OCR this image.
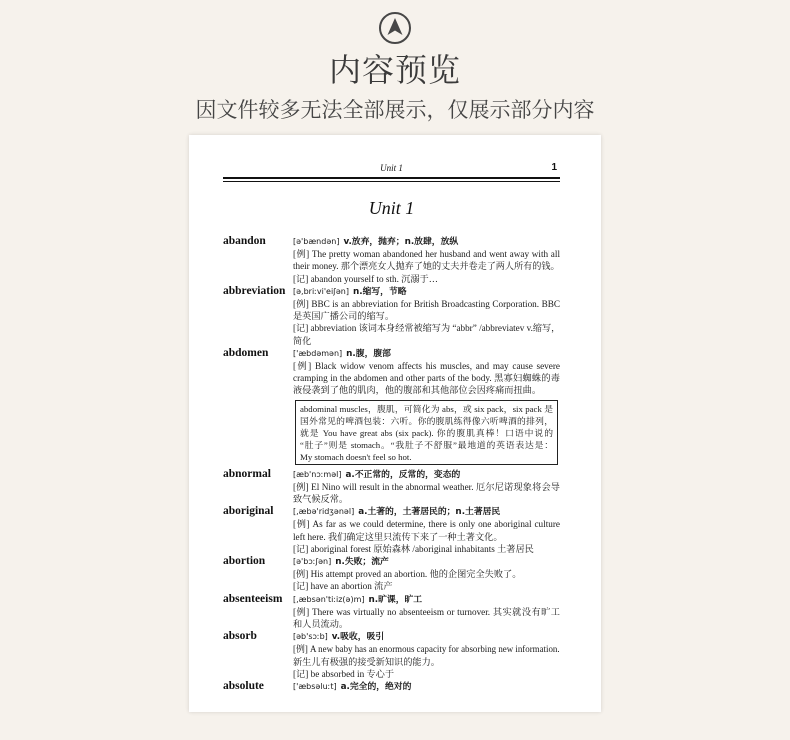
内容预览
因文件较多无法全部展示，仅展示部分内容
Unit 1	1
Unit 1
abandon	[ə'bændən] v.放弃，抛弃；n.放肆，放纵
[例] The pretty woman abandoned her husband and went away with all
their money. 那个漂亮女人抛弃了她的丈夫并卷走了两人所有的钱。
[记] abandon yourself to sth. 沉溺于…
abbreviation [ə,briːvi'eiʃən] n.缩写，节略
[例] BBC is an abbreviation for British Broadcasting Corporation. BBC
是英国广播公司的缩写。
[记] abbreviation 该词本身经常被缩写为 “abbr” /abbreviatev v.缩写，
简化
abdomen	['æbdəmən] n.腹，腹部
[例] Black widow venom affects his muscles, and may cause severe
cramping in the abdomen and other parts of the body. 黑寡妇蜘蛛的毒
液侵袭到了他的肌肉，他的腹部和其他部位会因疼痛而扭曲。
abdominal muscles，腹肌，可简化为 abs，或 six pack，six pack 是
国外常见的啤酒包装：六听。你的腹肌练得像六听啤酒的排列，
就是 You have great abs (six pack). 你的腹肌真棒！口语中说的
“肚子”则是 stomach。“我肚子不舒服”最地道的英语表达是：
My stomach doesn't feel so hot.
abnormal	[æb'nɔːməl] a.不正常的，反常的，变态的
[例] El Nino will result in the abnormal weather. 厄尔尼诺现象将会导
致气候反常。
aboriginal	[,æbə'ridʒənəl] a.土著的，土著居民的；n.土著居民
[例] As far as we could determine, there is only one aboriginal culture
left here. 我们确定这里只流传下来了一种土著文化。
[记] aboriginal forest 原始森林 /aboriginal inhabitants 土著居民
abortion	[ə'bɔːʃən] n.失败；流产
[例] His attempt proved an abortion. 他的企图完全失败了。
[记] have an abortion 流产
absenteeism	[,æbsən'tiːiz(ə)m] n.旷课，旷工
[例] There was virtually no absenteeism or turnover. 其实就没有旷工
和人员流动。
absorb	[əb'sɔːb] v.吸收，吸引
[例] A new baby has an enormous capacity for absorbing new information.
新生儿有极强的接受新知识的能力。
[记] be absorbed in 专心于
absolute	['æbsəluːt] a.完全的，绝对的
